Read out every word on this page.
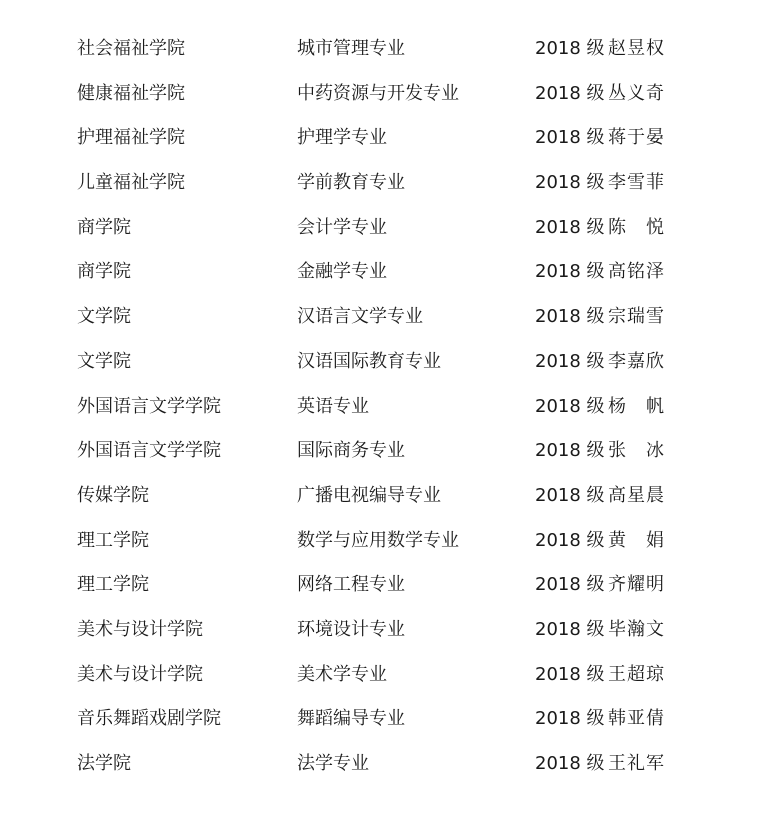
社会福祉学院	城市管理专业	2018 级 赵昱权
健康福祉学院	中药资源与开发专业	2018 级 丛义奇
护理福祉学院	护理学专业	2018 级 蒋于晏
儿童福祉学院	学前教育专业	2018 级 李雪菲
商学院	会计学专业	2018 级 陈 悦
商学院	金融学专业	2018 级 高铭泽
文学院	汉语言文学专业	2018 级 宗瑞雪
文学院	汉语国际教育专业	2018 级 李嘉欣
外国语言文学学院	英语专业	2018 级 杨 帆
外国语言文学学院	国际商务专业	2018 级 张 冰
传媒学院	广播电视编导专业	2018 级 高星晨
理工学院	数学与应用数学专业	2018 级 黄 娟
理工学院	网络工程专业	2018 级 齐耀明
美术与设计学院	环境设计专业	2018 级 毕瀚文
美术与设计学院	美术学专业	2018 级 王超琼
音乐舞蹈戏剧学院	舞蹈编导专业	2018 级 韩亚倩
法学院	法学专业	2018 级 王礼军
